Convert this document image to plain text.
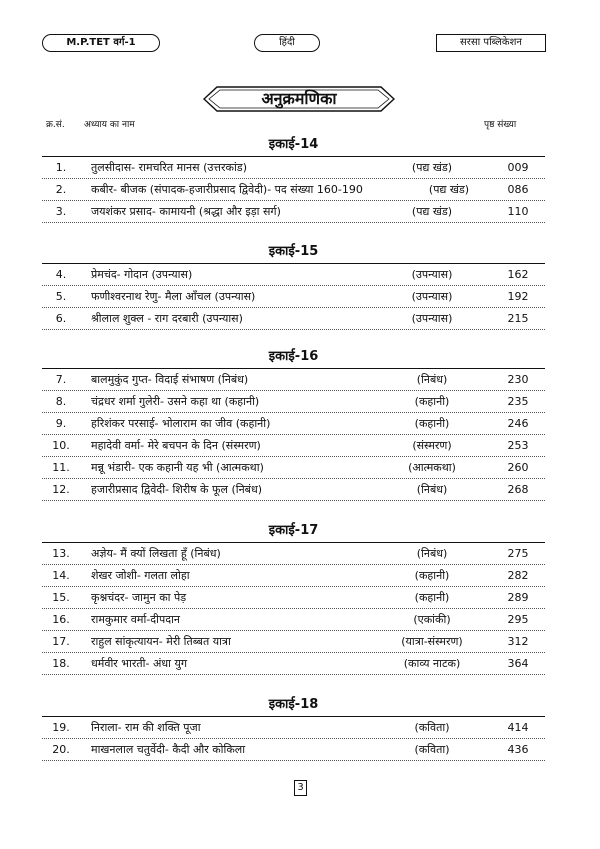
M.P.TET वर्ग-1	हिंदी	सरसा पब्लिकेशन
अनुक्रमणिका
क्र.सं. अध्याय का नाम	पृष्ठ संख्या
इकाई-14
1.	तुलसीदास- रामचरित मानस (उत्तरकांड)	(पद्य खंड)	009
2.	कबीर- बीजक (संपादक-हजारीप्रसाद द्विवेदी)- पद संख्या 160-190	(पद्य खंड)	086
3.	जयशंकर प्रसाद- कामायनी (श्रद्धा और इड़ा सर्ग)	(पद्य खंड)	110
इकाई-15
4.	प्रेमचंद- गोदान (उपन्यास)	(उपन्यास)	162
5.	फणीश्वरनाथ रेणु- मैला आँचल (उपन्यास)	(उपन्यास)	192
6.	श्रीलाल शुक्ल - राग दरबारी (उपन्यास)	(उपन्यास)	215
इकाई-16
7.	बालमुकुंद गुप्त- विदाई संभाषण (निबंध)	(निबंध)	230
8.	चंद्रधर शर्मा गुलेरी- उसने कहा था (कहानी)	(कहानी)	235
9.	हरिशंकर परसाई- भोलाराम का जीव (कहानी)	(कहानी)	246
10.	महादेवी वर्मा- मेरे बचपन के दिन (संस्मरण)	(संस्मरण)	253
11.	मन्नू भंडारी- एक कहानी यह भी (आत्मकथा)	(आत्मकथा)	260
12.	हजारीप्रसाद द्विवेदी- शिरीष के फूल (निबंध)	(निबंध)	268
इकाई-17
13.	अज्ञेय- मैं क्यों लिखता हूँ (निबंध)	(निबंध)	275
14.	शेखर जोशी- गलता लोहा	(कहानी)	282
15.	कृश्नचंदर- जामुन का पेड़	(कहानी)	289
16.	रामकुमार वर्मा-दीपदान	(एकांकी)	295
17.	राहुल सांकृत्यायन- मेरी तिब्बत यात्रा	(यात्रा-संस्मरण)	312
18.	धर्मवीर भारती- अंधा युग	(काव्य नाटक)	364
इकाई-18
19.	निराला- राम की शक्ति पूजा	(कविता)	414
20.	माखनलाल चतुर्वेदी- कैदी और कोकिला	(कविता)	436
3
